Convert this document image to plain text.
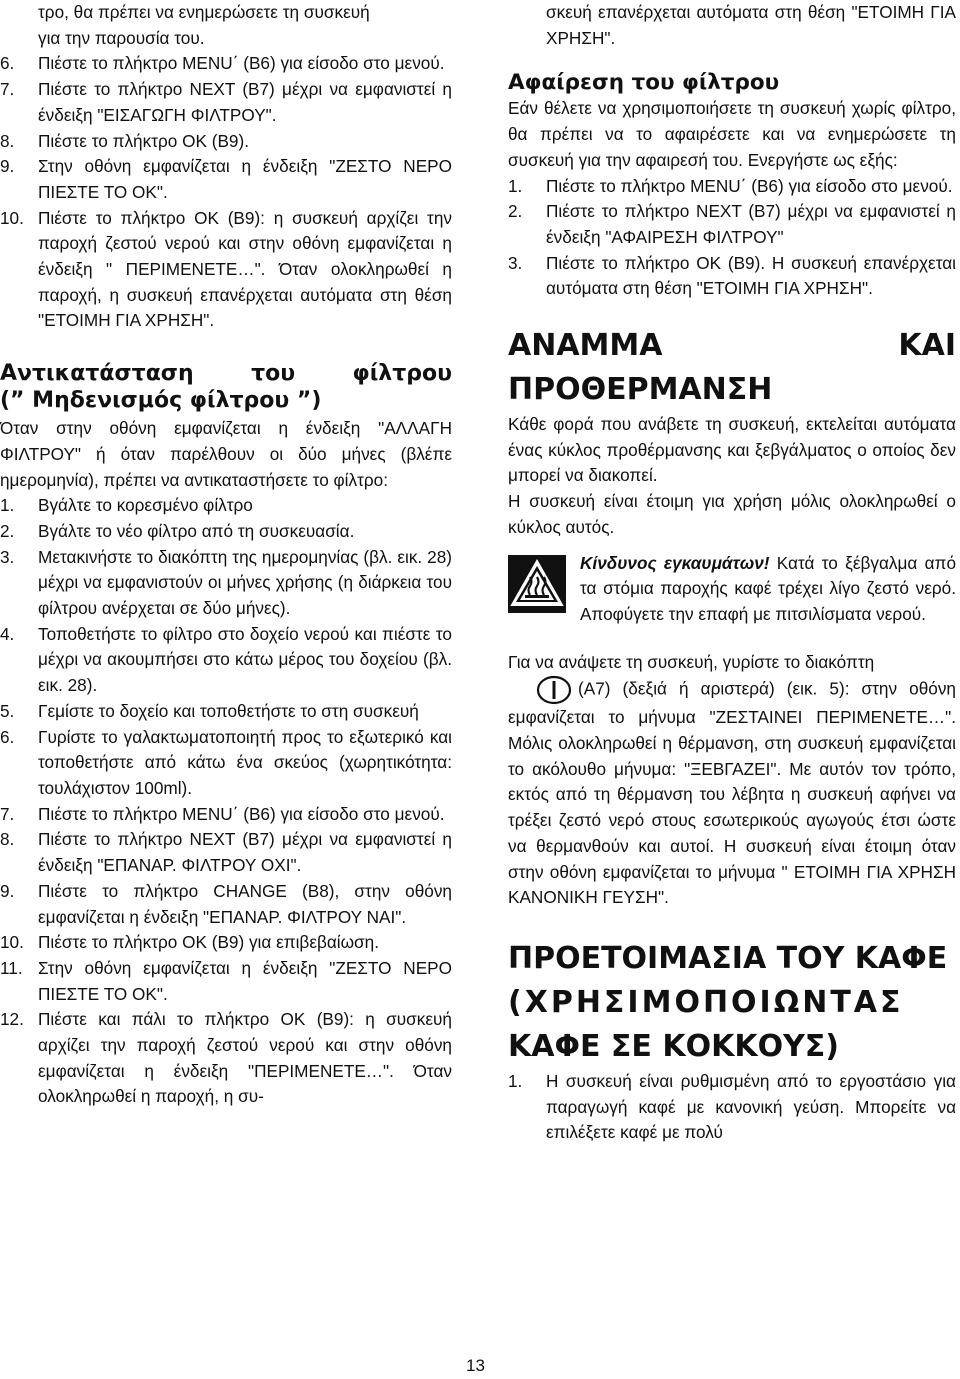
τρο, θα πρέπει να ενημερώσετε τη συσκευή
για την παρουσία του.
6. Πιέστε το πλήκτρο MENU΄ (B6) για είσοδο στο μενού.
7. Πιέστε το πλήκτρο NEXT (B7) μέχρι να εμφανιστεί η ένδειξη "ΕΙΣΑΓΩΓΗ ΦΙΛΤΡΟΥ".
8. Πιέστε το πλήκτρο OK (B9).
9. Στην οθόνη εμφανίζεται η ένδειξη "ΖΕΣΤΟ ΝΕΡΟ ΠΙΕΣΤΕ ΤΟ ΟΚ".
10. Πιέστε το πλήκτρο OK (B9): η συσκευή αρχίζει την παροχή ζεστού νερού και στην οθόνη εμφανίζεται η ένδειξη " ΠΕΡΙΜΕΝΕΤΕ…". Όταν ολοκληρωθεί η παροχή, η συσκευή επανέρχεται αυτόματα στη θέση "ΕΤΟΙΜΗ ΓΙΑ ΧΡΗΣΗ".
Αντικατάσταση του φίλτρου
(” Μηδενισμός φίλτρου ”)

Όταν στην οθόνη εμφανίζεται η ένδειξη "ΑΛΛΑΓΗ ΦΙΛΤΡΟΥ" ή όταν παρέλθουν οι δύο μήνες (βλέπε ημερομηνία), πρέπει να αντικαταστήσετε το φίλτρο:

1. Βγάλτε το κορεσμένο φίλτρο
2. Βγάλτε το νέο φίλτρο από τη συσκευασία.
3. Μετακινήστε το διακόπτη της ημερομηνίας (βλ. εικ. 28) μέχρι να εμφανιστούν οι μήνες χρήσης (η διάρκεια του φίλτρου ανέρχεται σε δύο μήνες).
4. Τοποθετήστε το φίλτρο στο δοχείο νερού και πιέστε το μέχρι να ακουμπήσει στο κάτω μέρος του δοχείου (βλ. εικ. 28).
5. Γεμίστε το δοχείο και τοποθετήστε το στη συσκευή
6. Γυρίστε το γαλακτωματοποιητή προς το εξωτερικό και τοποθετήστε από κάτω ένα σκεύος (χωρητικότητα: τουλάχιστον 100ml).
7. Πιέστε το πλήκτρο MENU΄ (B6) για είσοδο στο μενού.
8. Πιέστε το πλήκτρο NEXT (B7) μέχρι να εμφανιστεί η ένδειξη "ΕΠΑΝΑΡ. ΦΙΛΤΡΟΥ ΟΧΙ".
9. Πιέστε το πλήκτρο CHANGE (B8), στην οθόνη εμφανίζεται η ένδειξη "ΕΠΑΝΑΡ. ΦΙΛΤΡΟΥ ΝΑΙ".
10. Πιέστε το πλήκτρο OK (B9) για επιβεβαίωση.
11. Στην οθόνη εμφανίζεται η ένδειξη "ΖΕΣΤΟ ΝΕΡΟ ΠΙΕΣΤΕ ΤΟ ΟΚ".
12. Πιέστε και πάλι το πλήκτρο OK (B9): η συσκευή αρχίζει την παροχή ζεστού νερού και στην οθόνη εμφανίζεται η ένδειξη "ΠΕΡΙΜΕΝΕΤΕ…". Όταν ολοκληρωθεί η παροχή, η συ-

σκευή επανέρχεται αυτόματα στη θέση "ΕΤΟΙΜΗ ΓΙΑ ΧΡΗΣΗ".

Αφαίρεση του φίλτρου

Εάν θέλετε να χρησιμοποιήσετε τη συσκευή χωρίς φίλτρο, θα πρέπει να το αφαιρέσετε και να ενημερώσετε τη συσκευή για την αφαιρεσή του. Ενεργήστε ως εξής:

1. Πιέστε το πλήκτρο MENU΄ (B6) για είσοδο στο μενού.
2. Πιέστε το πλήκτρο NEXT (B7) μέχρι να εμφανιστεί η ένδειξη "ΑΦΑΙΡΕΣΗ ΦΙΛΤΡΟΥ"
3. Πιέστε το πλήκτρο OK (B9). Η συσκευή επανέρχεται αυτόματα στη θέση "ΕΤΟΙΜΗ ΓΙΑ ΧΡΗΣΗ".
ΑΝΑΜΜΑ ΚΑΙ
ΠΡΟΘΕΡΜΑΝΣΗ

Κάθε φορά που ανάβετε τη συσκευή, εκτελείται αυτόματα ένας κύκλος προθέρμανσης και ξεβγάλματος ο οποίος δεν μπορεί να διακοπεί.

Η συσκευή είναι έτοιμη για χρήση μόλις ολοκληρωθεί ο κύκλος αυτός.

Κίνδυνος εγκαυμάτων! Κατά το ξέβγαλμα από τα στόμια παροχής καφέ τρέχει λίγο ζεστό νερό. Αποφύγετε την επαφή με πιτσιλίσματα νερού.

Για να ανάψετε τη συσκευή, γυρίστε το διακόπτη

(A7) (δεξιά ή αριστερά) (εικ. 5): στην οθόνη εμφανίζεται το μήνυμα "ΖΕΣΤΑΙΝΕΙ ΠΕΡΙΜΕΝΕΤΕ…". Μόλις ολοκληρωθεί η θέρμανση, στη συσκευή εμφανίζεται το ακόλουθο μήνυμα: "ΞΕΒΓΑΖΕΙ". Με αυτόν τον τρόπο, εκτός από τη θέρμανση του λέβητα η συσκευή αφήνει να τρέξει ζεστό νερό στους εσωτερικούς αγωγούς έτσι ώστε να θερμανθούν και αυτοί. Η συσκευή είναι έτοιμη όταν στην οθόνη εμφανίζεται το μήνυμα " ΕΤΟΙΜΗ ΓΙΑ ΧΡΗΣΗ ΚΑΝΟΝΙΚΗ ΓΕΥΣΗ".

ΠΡΟΕΤΟΙΜΑΣΙΑ ΤΟΥ ΚΑΦΕ
(ΧΡΗΣΙΜΟΠΟΙΩΝΤΑΣ
ΚΑΦΕ ΣΕ ΚΟΚΚΟΥΣ)
1. Η συσκευή είναι ρυθμισμένη από το εργοστάσιο για παραγωγή καφέ με κανονική γεύση. Μπορείτε να επιλέξετε καφέ με πολύ
13
